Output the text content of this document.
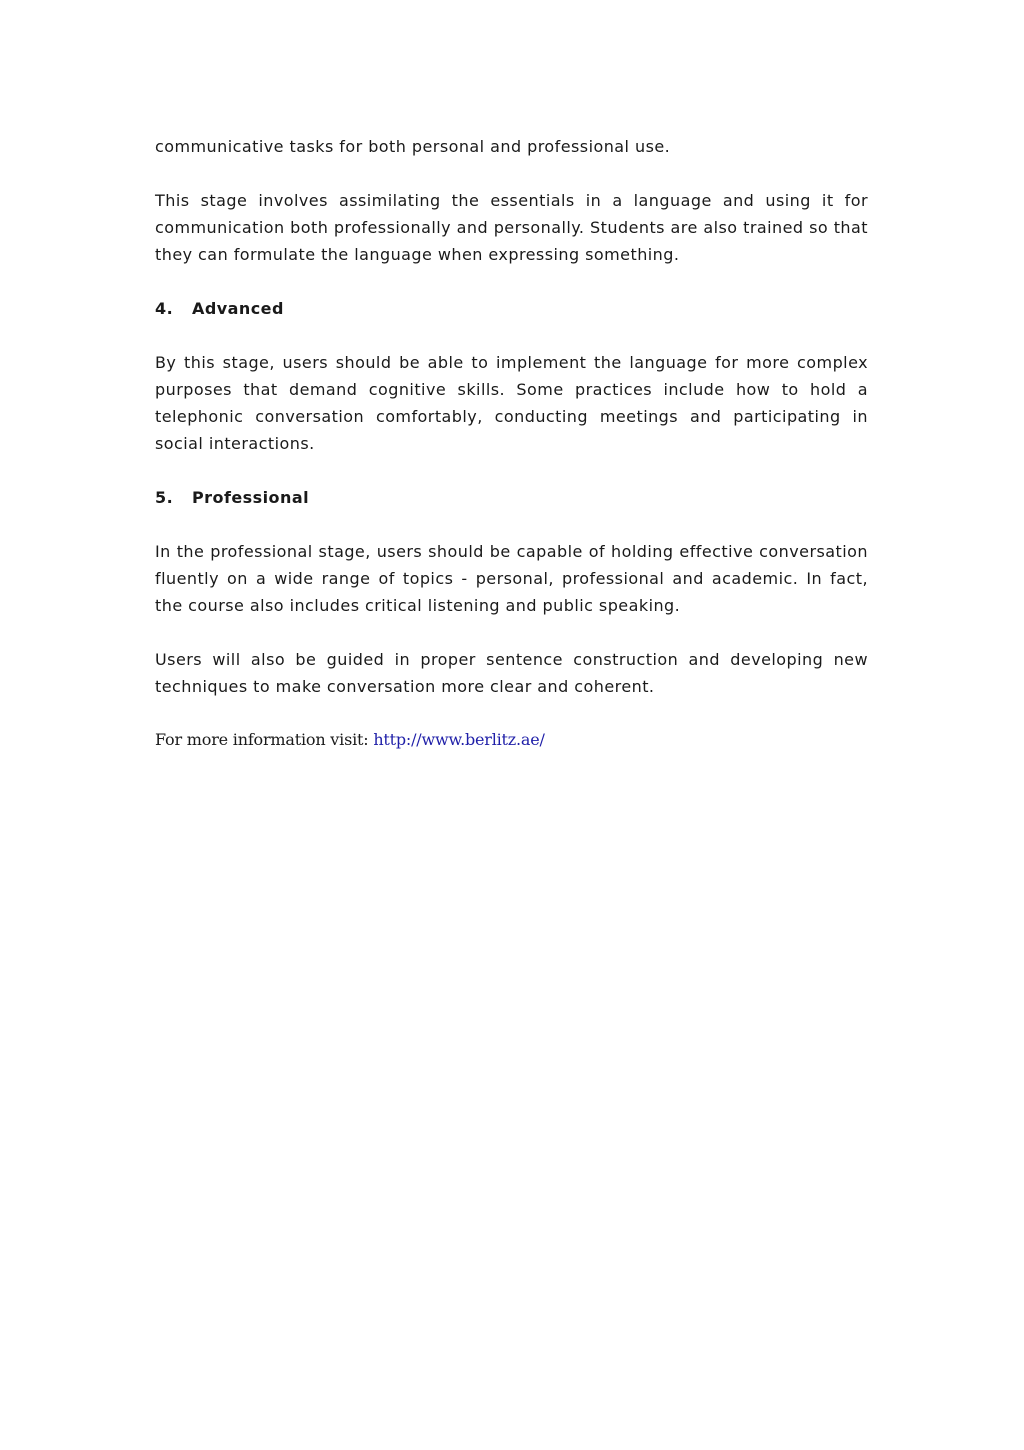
communicative tasks for both personal and professional use.

This stage involves assimilating the essentials in a language and using it for communication both professionally and personally. Students are also trained so that they can formulate the language when expressing something.

4.	Advanced

By this stage, users should be able to implement the language for more complex purposes that demand cognitive skills. Some practices include how to hold a telephonic conversation comfortably, conducting meetings and participating in social interactions.

5.	Professional

In the professional stage, users should be capable of holding effective conversation fluently on a wide range of topics - personal, professional and academic. In fact, the course also includes critical listening and public speaking.

Users will also be guided in proper sentence construction and developing new techniques to make conversation more clear and coherent.

For more information visit: http://www.berlitz.ae/
